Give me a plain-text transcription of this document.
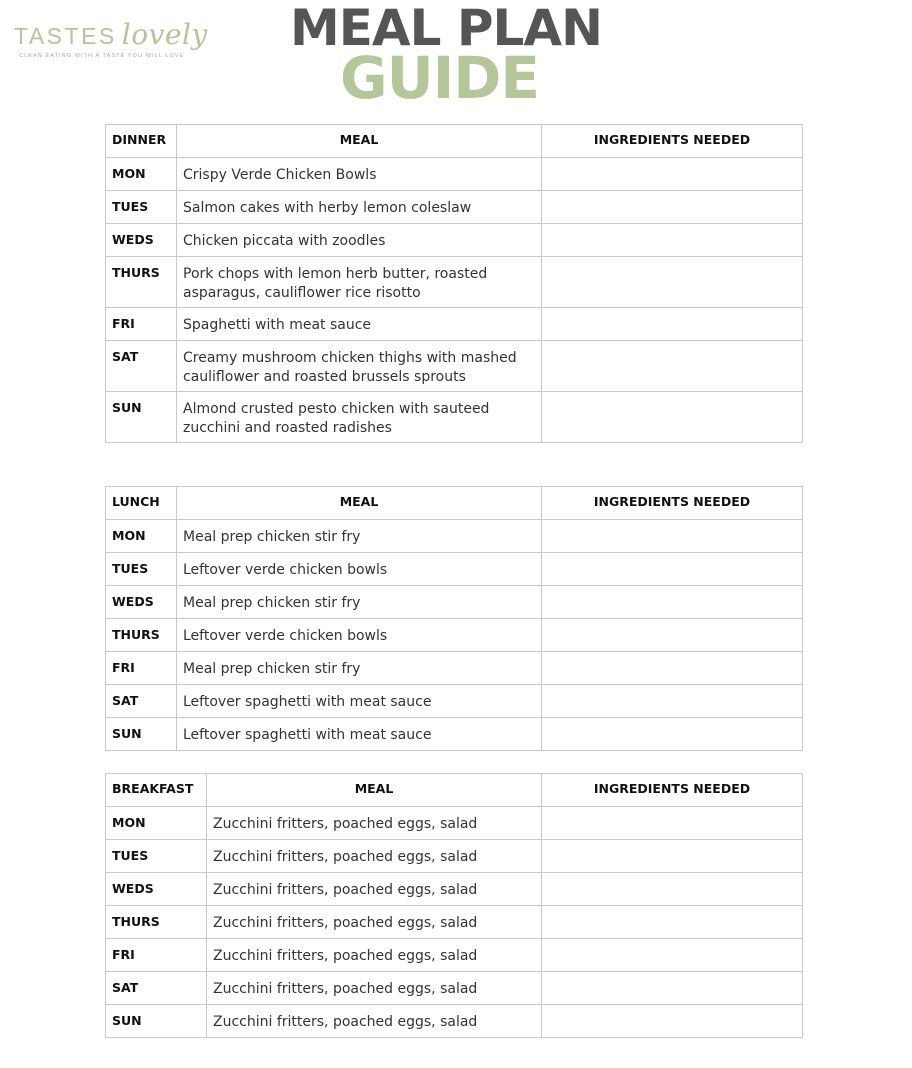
TASTES lovely
CLEAN EATING WITH A TASTE YOU WILL LOVE	MEAL PLAN
GUIDE
DINNER	MEAL	INGREDIENTS NEEDED
MON	Crispy Verde Chicken Bowls	
TUES	Salmon cakes with herby lemon coleslaw	
WEDS	Chicken piccata with zoodles	
THURS	Pork chops with lemon herb butter, roasted asparagus, cauliflower rice risotto	
FRI	Spaghetti with meat sauce	
SAT	Creamy mushroom chicken thighs with mashed cauliflower and roasted brussels sprouts	
SUN	Almond crusted pesto chicken with sauteed zucchini and roasted radishes	
LUNCH	MEAL	INGREDIENTS NEEDED
MON	Meal prep chicken stir fry	
TUES	Leftover verde chicken bowls	
WEDS	Meal prep chicken stir fry	
THURS	Leftover verde chicken bowls	
FRI	Meal prep chicken stir fry	
SAT	Leftover spaghetti with meat sauce	
SUN	Leftover spaghetti with meat sauce	
BREAKFAST	MEAL	INGREDIENTS NEEDED
MON	Zucchini fritters, poached eggs, salad	
TUES	Zucchini fritters, poached eggs, salad	
WEDS	Zucchini fritters, poached eggs, salad	
THURS	Zucchini fritters, poached eggs, salad	
FRI	Zucchini fritters, poached eggs, salad	
SAT	Zucchini fritters, poached eggs, salad	
SUN	Zucchini fritters, poached eggs, salad	
